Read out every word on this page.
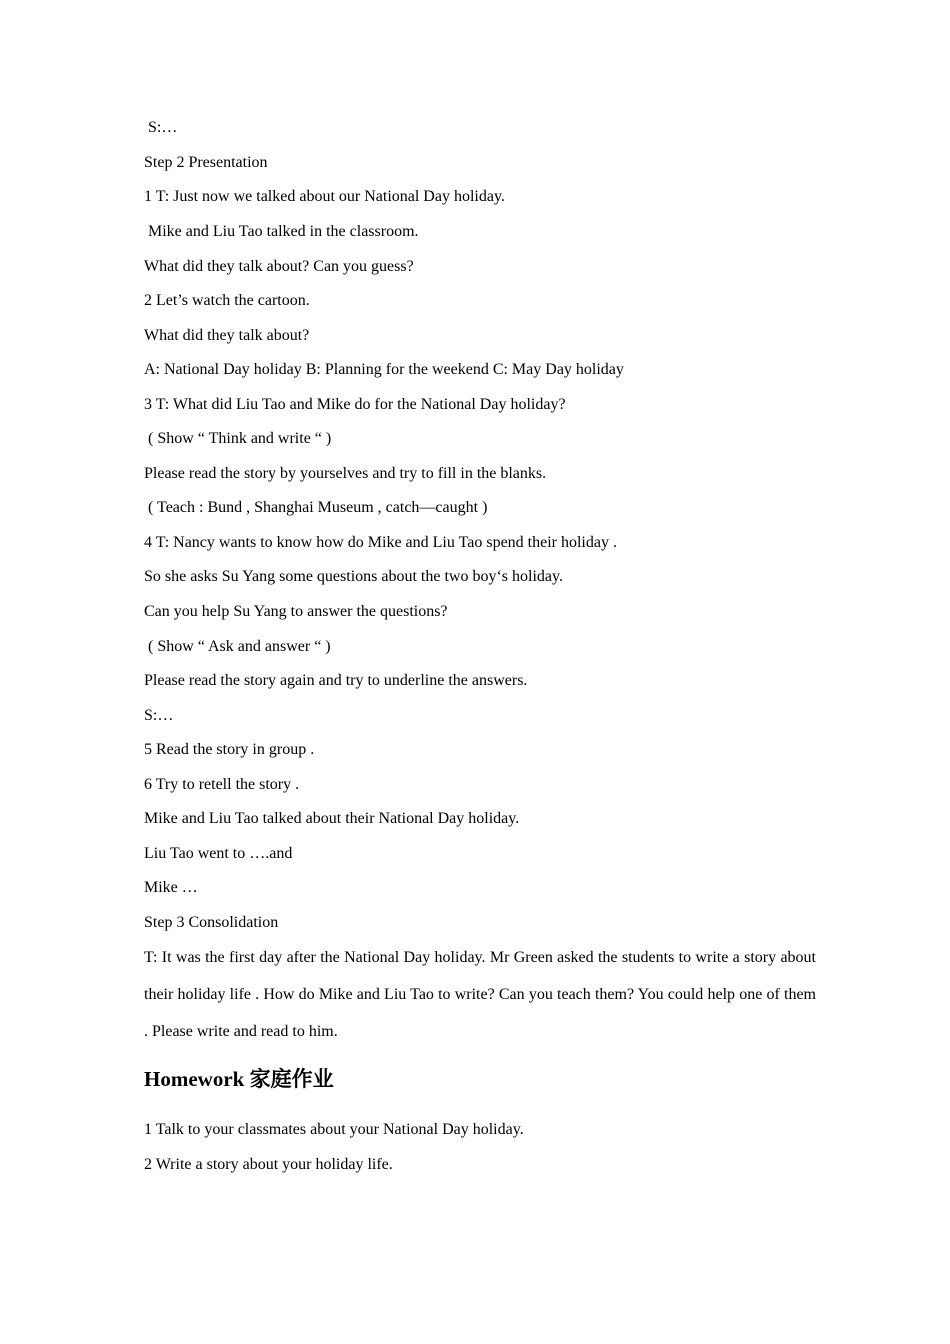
S:…
Step 2 Presentation
1 T: Just now we talked about our National Day holiday.
Mike and Liu Tao talked in the classroom.
What did they talk about? Can you guess?
2 Let’s watch the cartoon.
What did they talk about?
A: National Day holiday B: Planning for the weekend C: May Day holiday
3 T: What did Liu Tao and Mike do for the National Day holiday?
( Show “ Think and write “ )
Please read the story by yourselves and try to fill in the blanks.
( Teach : Bund , Shanghai Museum , catch—caught )
4 T: Nancy wants to know how do Mike and Liu Tao spend their holiday .
So she asks Su Yang some questions about the two boy‘s holiday.
Can you help Su Yang to answer the questions?
( Show “ Ask and answer “ )
Please read the story again and try to underline the answers.
S:…
5 Read the story in group .
6 Try to retell the story .
Mike and Liu Tao talked about their National Day holiday.
Liu Tao went to ….and
Mike …
Step 3 Consolidation
T: It was the first day after the National Day holiday. Mr Green asked the students to write a story about their holiday life . How do Mike and Liu Tao to write? Can you teach them? You could help one of them . Please write and read to him.
Homework 家庭作业
1 Talk to your classmates about your National Day holiday.
2 Write a story about your holiday life.
